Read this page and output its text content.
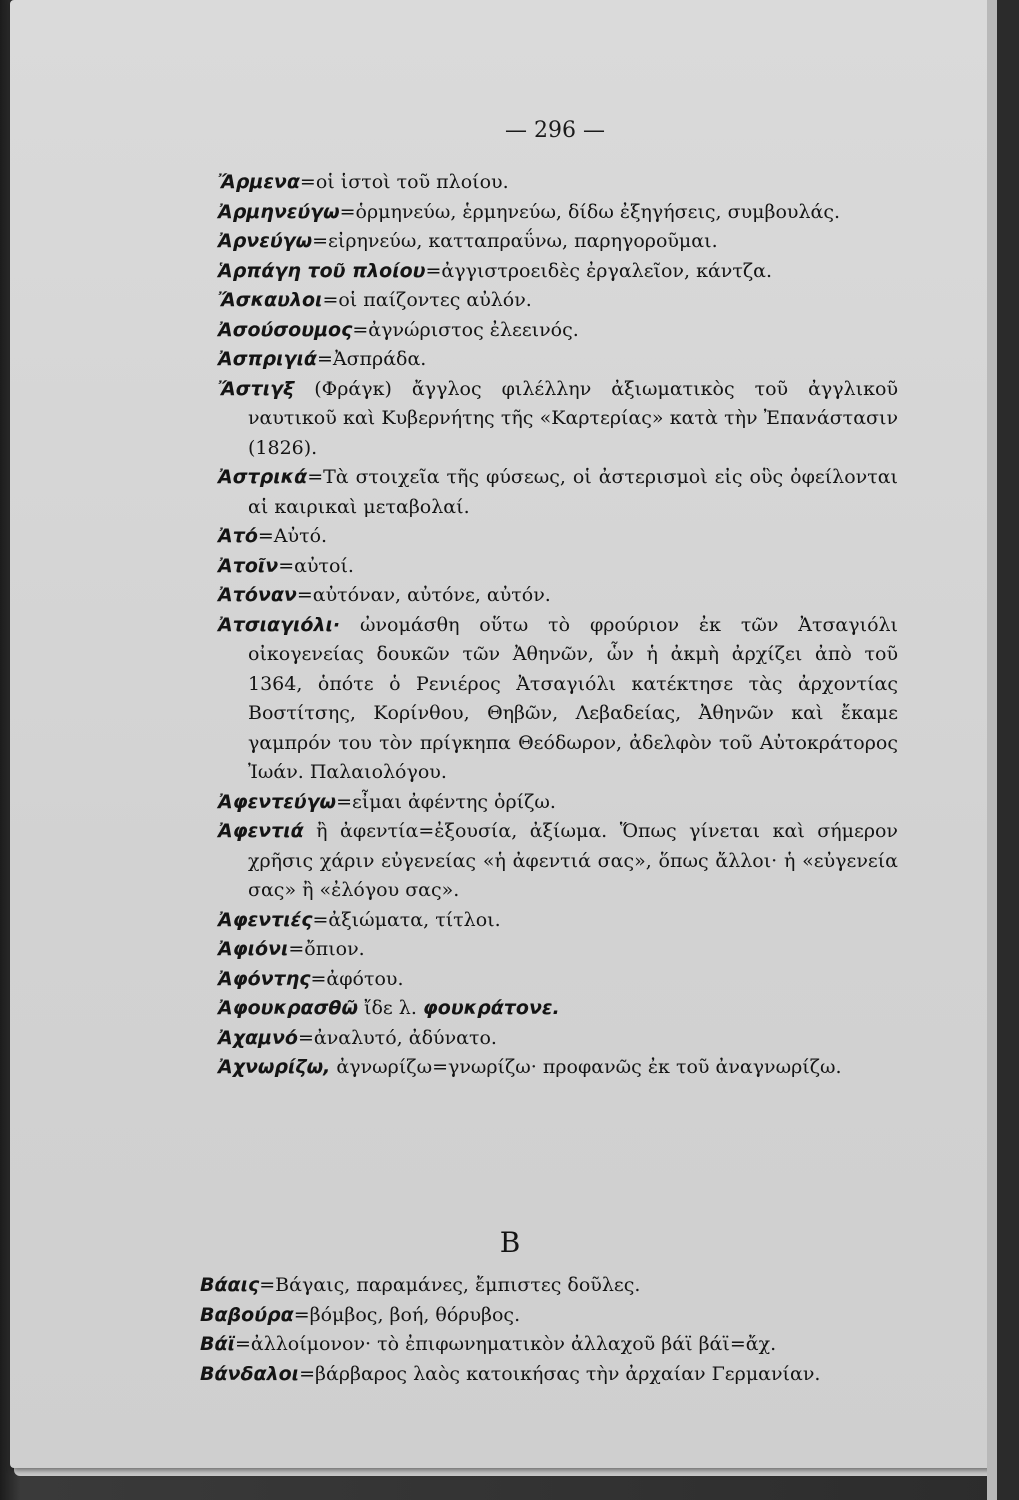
— 296 —

Ἄρμενα=οἱ ἱστοὶ τοῦ πλοίου.

Ἀρμηνεύγω=ὁρμηνεύω, ἑρμηνεύω, δίδω ἐξηγήσεις, συμβουλάς.

Ἀρνεύγω=εἰρηνεύω, κατταπραΰνω, παρηγοροῦμαι.

Ἁρπάγη τοῦ πλοίου=ἀγγιστροειδὲς ἐργαλεῖον, κάντζα.

Ἄσκαυλοι=οἱ παίζοντες αὐλόν.

Ἀσούσουμος=ἀγνώριστος ἐλεεινός.

Ἀσπριγιά=Ἀσπράδα.

Ἄστιγξ (Φράγκ) ἄγγλος φιλέλλην ἀξιωματικὸς τοῦ ἀγγλικοῦ ναυτικοῦ καὶ Κυβερνήτης τῆς «Καρτερίας» κατὰ τὴν Ἐπανάστασιν (1826).

Ἀστρικά=Τὰ στοιχεῖα τῆς φύσεως, οἱ ἀστερισμοὶ εἰς οὓς ὀφείλονται αἱ καιρικαὶ μεταβολαί.

Ἀτό=Αὐτό.

Ἀτοῖν=αὐτοί.

Ἀτόναν=αὐτόναν, αὐτόνε, αὐτόν.

Ἀτσιαγιόλι· ὠνομάσθη οὕτω τὸ φρούριον ἐκ τῶν Ἀτσαγιόλι οἰκογενείας δουκῶν τῶν Ἀθηνῶν, ὧν ἡ ἀκμὴ ἀρχίζει ἀπὸ τοῦ 1364, ὁπότε ὁ Ρενιέρος Ἀτσαγιόλι κατέκτησε τὰς ἀρχοντίας Βοστίτσης, Κορίνθου, Θηβῶν, Λεβαδείας, Ἀθηνῶν καὶ ἔκαμε γαμπρόν του τὸν πρίγκηπα Θεόδωρον, ἀδελφὸν τοῦ Αὐτοκράτορος Ἰωάν. Παλαιολόγου.

Ἀφεντεύγω=εἶμαι ἀφέντης ὁρίζω.

Ἀφεντιά ἢ ἀφεντία=ἐξουσία, ἀξίωμα. Ὅπως γίνεται καὶ σήμερον χρῆσις χάριν εὐγενείας «ἡ ἀφεντιά σας», ὅπως ἄλλοι· ἡ «εὐγενεία σας» ἢ «ἐλόγου σας».

Ἀφεντιές=ἀξιώματα, τίτλοι.

Ἀφιόνι=ὄπιον.

Ἀφόντης=ἀφότου.

Ἀφουκρασθῶ ἴδε λ. φουκράτονε.

Ἀχαμνό=ἀναλυτό, ἀδύνατο.

Ἀχνωρίζω, ἀγνωρίζω=γνωρίζω· προφανῶς ἐκ τοῦ ἀναγνωρίζω.

Β

Βάαις=Βάγαις, παραμάνες, ἔμπιστες δοῦλες.

Βαβούρα=βόμβος, βοή, θόρυβος.

Βάϊ=ἀλλοίμονον· τὸ ἐπιφωνηματικὸν ἀλλαχοῦ βάϊ βάϊ=ἄχ.

Βάνδαλοι=βάρβαρος λαὸς κατοικήσας τὴν ἀρχαίαν Γερμανίαν.
